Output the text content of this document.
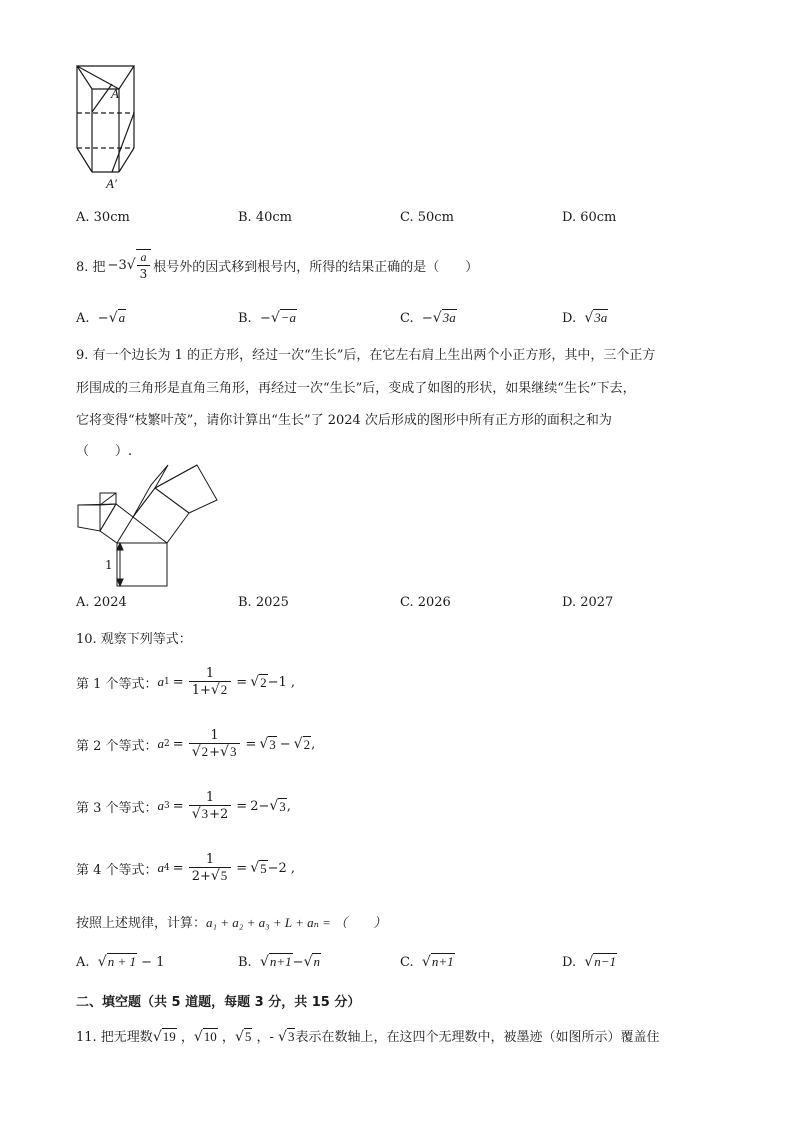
A
A′
A. 30cm	B. 40cm	C. 50cm	D. 60cm
8. 把 −3 √ $\frac{a}{3}$ 根号外的因式移到根号内，所得的结果正确的是（　　）
A. −√a	B. −√−a	C. −√3a	D. √3a
9. 有一个边长为 1 的正方形，经过一次“生长”后，在它左右肩上生出两个小正方形，其中，三个正方
形围成的三角形是直角三角形，再经过一次“生长”后，变成了如图的形状，如果继续“生长”下去，
它将变得“枝繁叶茂”，请你计算出“生长”了 2024 次后形成的图形中所有正方形的面积之和为
（　　）.
1
A. 2024	B. 2025	C. 2026	D. 2027
10. 观察下列等式：
第 1 个等式： a $1 = \frac{1}{1+√2}$ = √ 2 −1 ,
第 2 个等式： a $2 = \frac{1}{√2+√3}$ = √ 3 − √ 2 ,
第 3 个等式： a $3 = \frac{1}{√3+2} = 2-$ √ 3 ,
第 4 个等式： a $4 = \frac{1}{2+√5}$ = √ 5 −2 ,
按照上述规律，计算：a₁ + a₂ + a₃ + L + aₙ = （　　）
A. √n + 1 − 1	B. √n+1−√n	C. √n+1	D. √n−1
二、填空题（共 5 道题，每题 3 分，共 15 分）
11. 把无理数√19 ，√10 ，√5 ，- √3表示在数轴上，在这四个无理数中，被墨迹（如图所示）覆盖住
